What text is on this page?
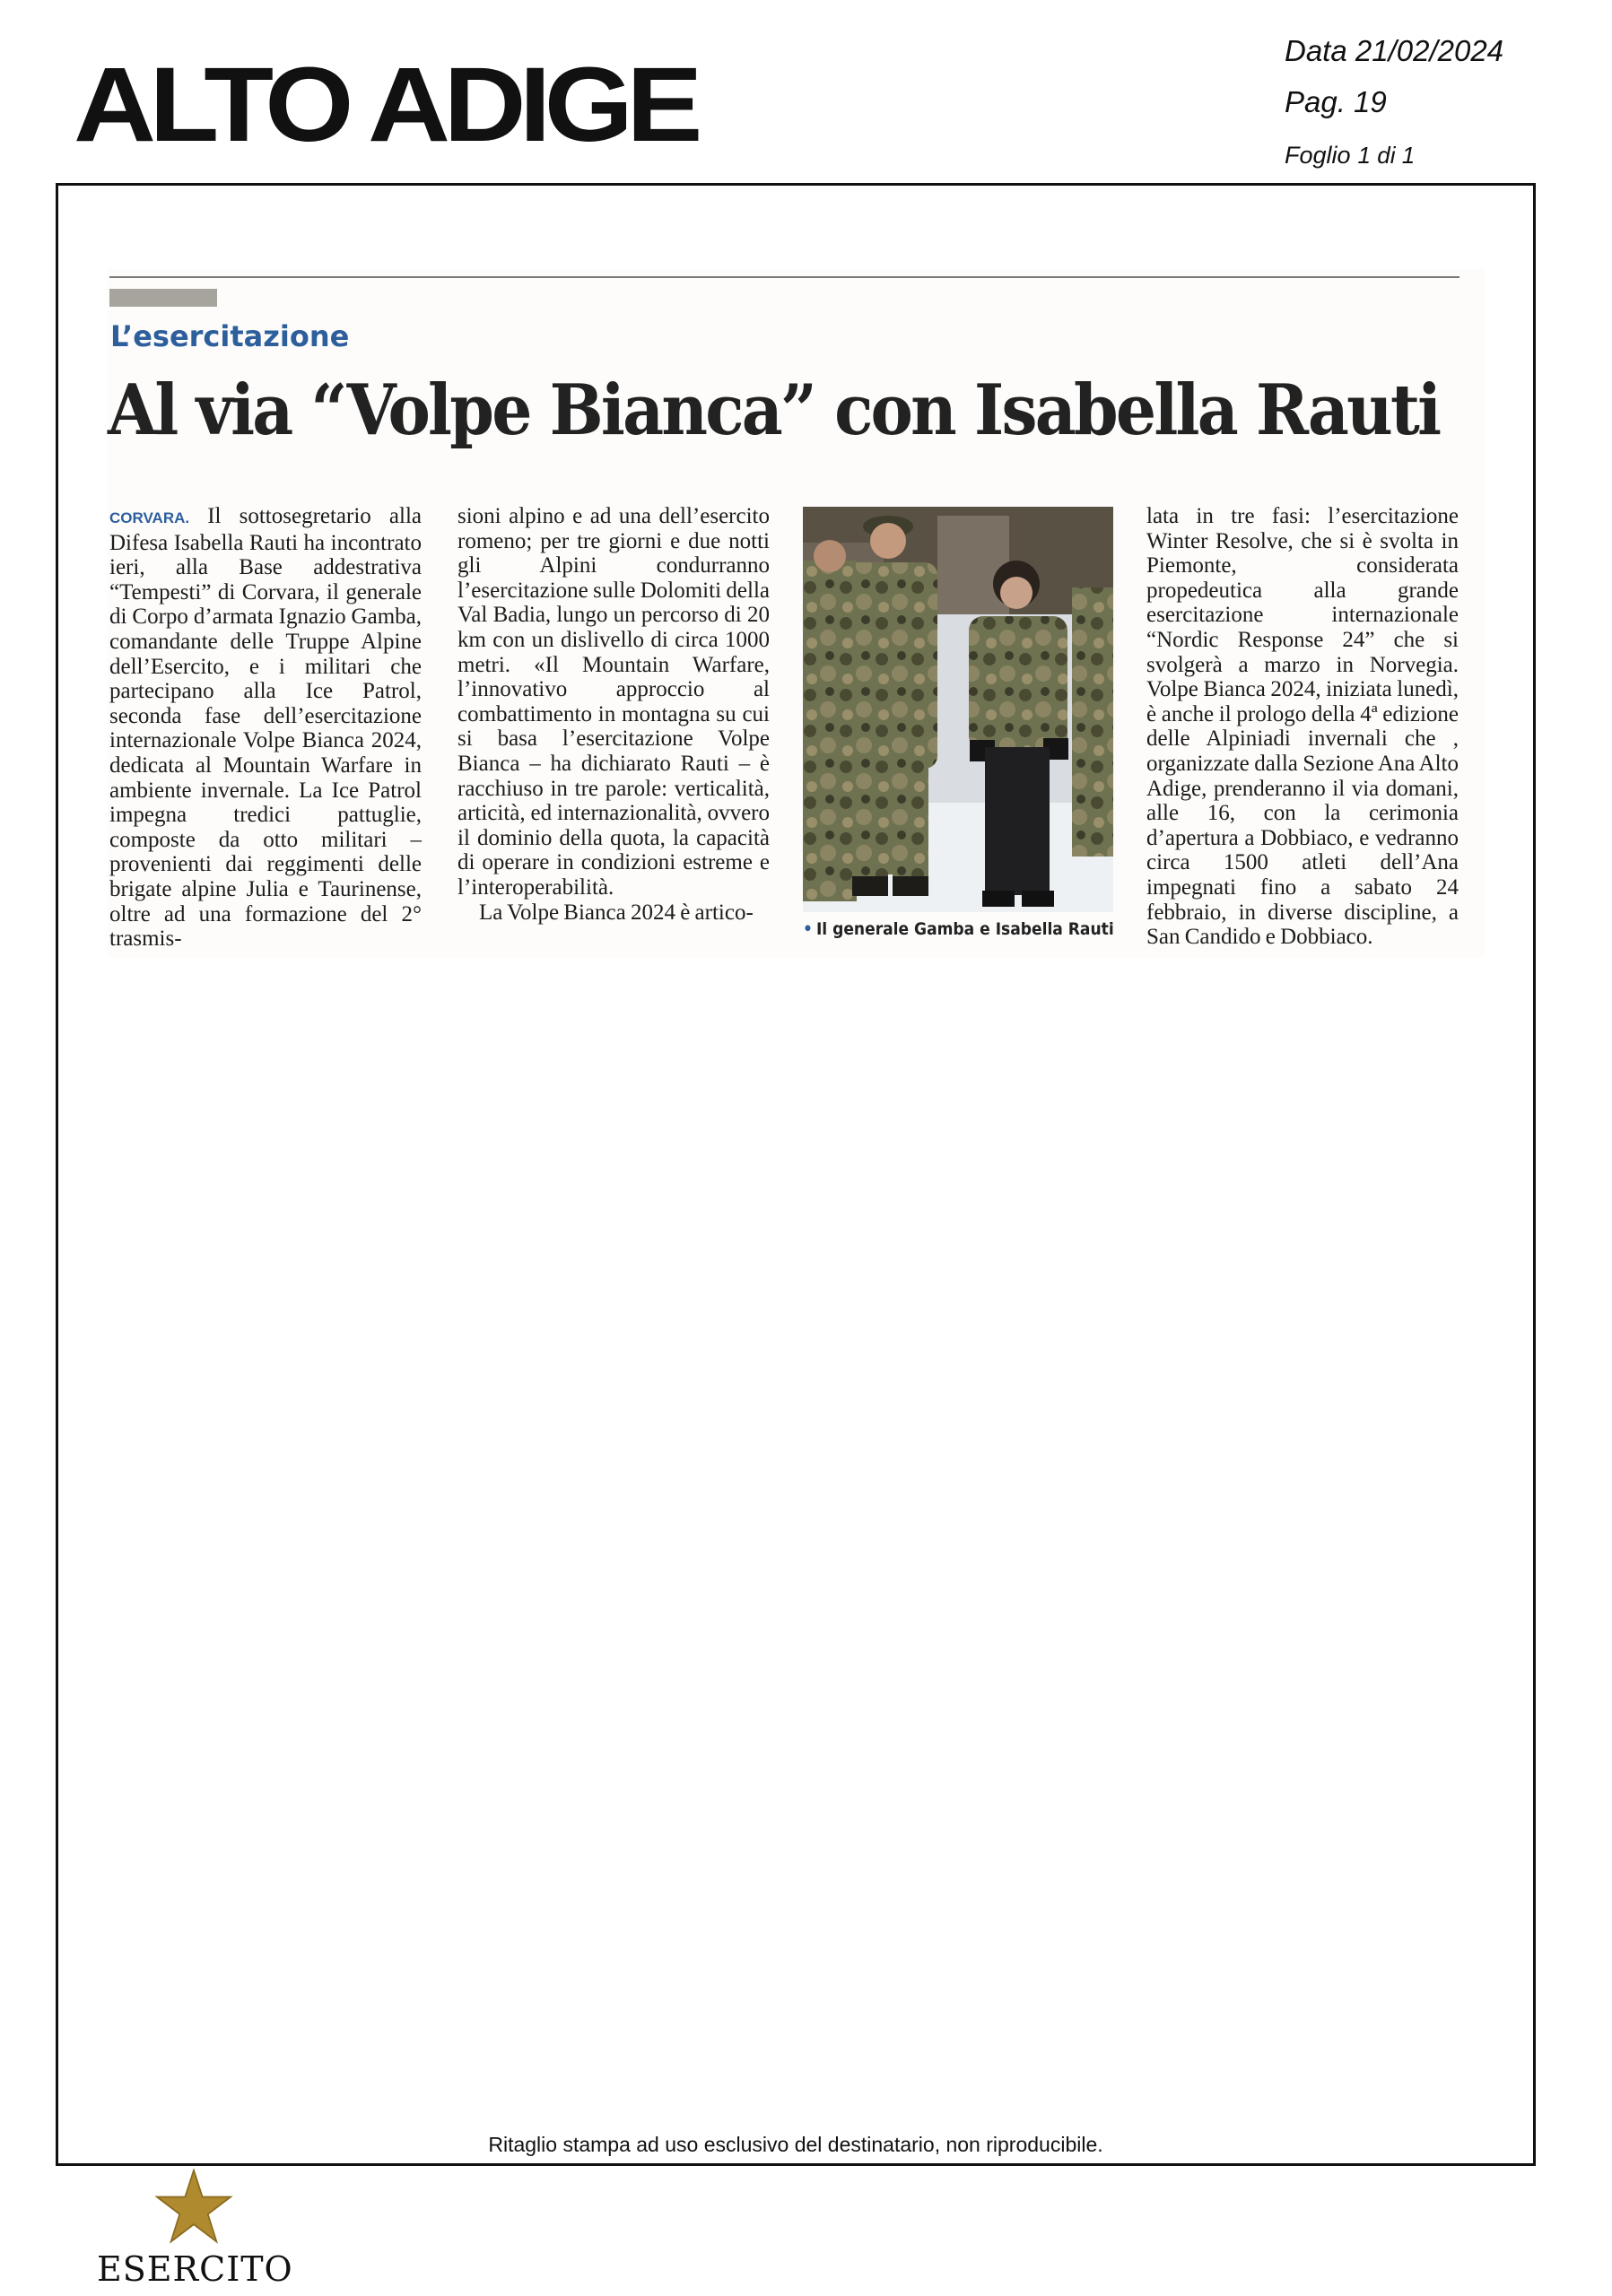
ALTO ADIGE	Data 21/02/2024
Pag. 19
Foglio 1 di 1
L’esercitazione
Al via “Volpe Bianca” con Isabella Rauti

CORVARA. Il sottosegretario alla Difesa Isabella Rauti ha incontrato ieri, alla Base addestrativa “Tempesti” di Corvara, il generale di Corpo d’armata Ignazio Gamba, comandante delle Truppe Alpine dell’Esercito, e i militari che partecipano alla Ice Patrol, seconda fase dell’esercitazione internazionale Volpe Bianca 2024, dedicata al Mountain Warfare in ambiente invernale. La Ice Patrol impegna tredici pattuglie, composte da otto militari – provenienti dai reggimenti delle brigate alpine Julia e Taurinense, oltre ad una formazione del 2° trasmis-

sioni alpino e ad una dell’esercito romeno; per tre giorni e due notti gli Alpini condurranno l’esercitazione sulle Dolomiti della Val Badia, lungo un percorso di 20 km con un dislivello di circa 1000 metri. «Il Mountain Warfare, l’innovativo approccio al combattimento in montagna su cui si basa l’esercitazione Volpe Bianca – ha dichiarato Rauti – è racchiuso in tre parole: verticalità, articità, ed internazionalità, ovvero il dominio della quota, la capacità di operare in condizioni estreme e l’interoperabilità.

La Volpe Bianca 2024 è artico-

• Il generale Gamba e Isabella Rauti

lata in tre fasi: l’esercitazione Winter Resolve, che si è svolta in Piemonte, considerata propedeutica alla grande esercitazione internazionale “Nordic Response 24” che si svolgerà a marzo in Norvegia. Volpe Bianca 2024, iniziata lunedì, è anche il prologo della 4ª edizione delle Alpiniadi invernali che , organizzate dalla Sezione Ana Alto Adige, prenderanno il via domani, alle 16, con la cerimonia d’apertura a Dobbiaco, e vedranno circa 1500 atleti dell’Ana impegnati fino a sabato 24 febbraio, in diverse discipline, a San Candido e Dobbiaco.

Ritaglio stampa ad uso esclusivo del destinatario, non riproducibile.
ESERCITO
